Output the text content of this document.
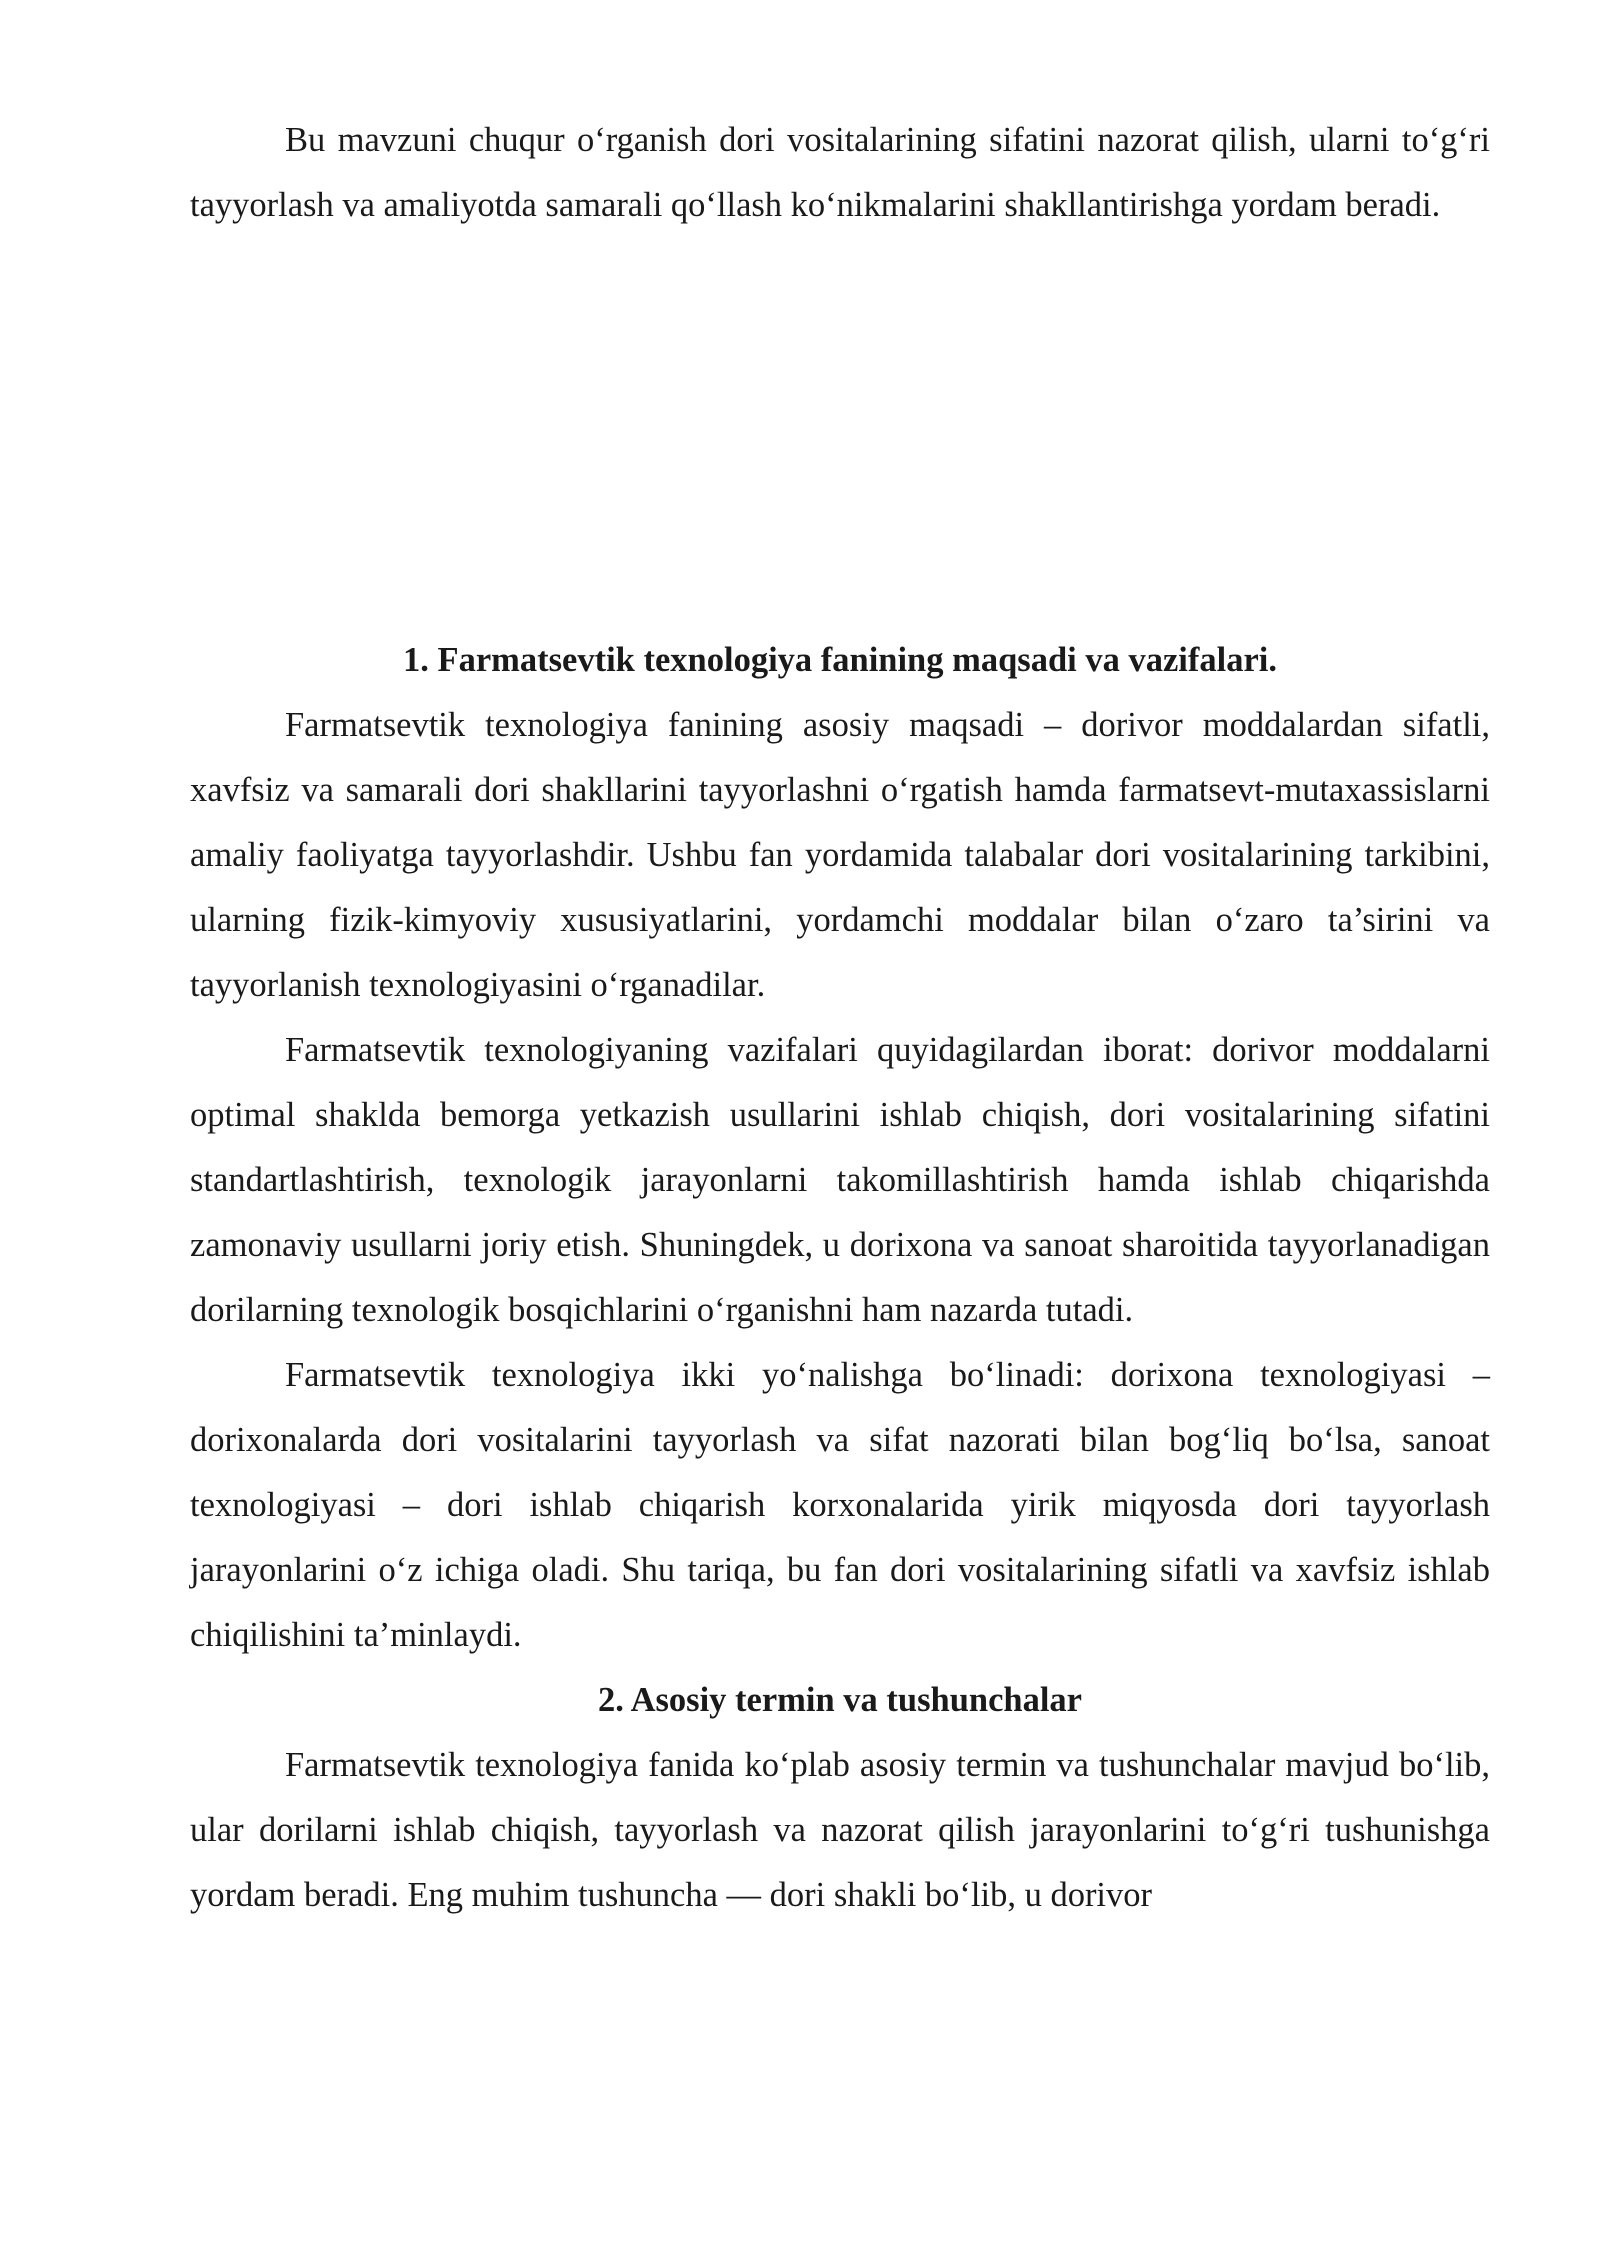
Bu mavzuni chuqur o‘rganish dori vositalarining sifatini nazorat qilish, ularni to‘g‘ri tayyorlash va amaliyotda samarali qo‘llash ko‘nikmalarini shakllantirishga yordam beradi.

1. Farmatsevtik texnologiya fanining maqsadi va vazifalari.

Farmatsevtik texnologiya fanining asosiy maqsadi – dorivor moddalardan sifatli, xavfsiz va samarali dori shakllarini tayyorlashni o‘rgatish hamda farmatsevt-mutaxassislarni amaliy faoliyatga tayyorlashdir. Ushbu fan yordamida talabalar dori vositalarining tarkibini, ularning fizik-kimyoviy xususiyatlarini, yordamchi moddalar bilan o‘zaro ta’sirini va tayyorlanish texnologiyasini o‘rganadilar.

Farmatsevtik texnologiyaning vazifalari quyidagilardan iborat: dorivor moddalarni optimal shaklda bemorga yetkazish usullarini ishlab chiqish, dori vositalarining sifatini standartlashtirish, texnologik jarayonlarni takomillashtirish hamda ishlab chiqarishda zamonaviy usullarni joriy etish. Shuningdek, u dorixona va sanoat sharoitida tayyorlanadigan dorilarning texnologik bosqichlarini o‘rganishni ham nazarda tutadi.

Farmatsevtik texnologiya ikki yo‘nalishga bo‘linadi: dorixona texnologiyasi – dorixonalarda dori vositalarini tayyorlash va sifat nazorati bilan bog‘liq bo‘lsa, sanoat texnologiyasi – dori ishlab chiqarish korxonalarida yirik miqyosda dori tayyorlash jarayonlarini o‘z ichiga oladi. Shu tariqa, bu fan dori vositalarining sifatli va xavfsiz ishlab chiqilishini ta’minlaydi.

2. Asosiy termin va tushunchalar

Farmatsevtik texnologiya fanida ko‘plab asosiy termin va tushunchalar mavjud bo‘lib, ular dorilarni ishlab chiqish, tayyorlash va nazorat qilish jarayonlarini to‘g‘ri tushunishga yordam beradi. Eng muhim tushuncha — dori shakli bo‘lib, u dorivor
